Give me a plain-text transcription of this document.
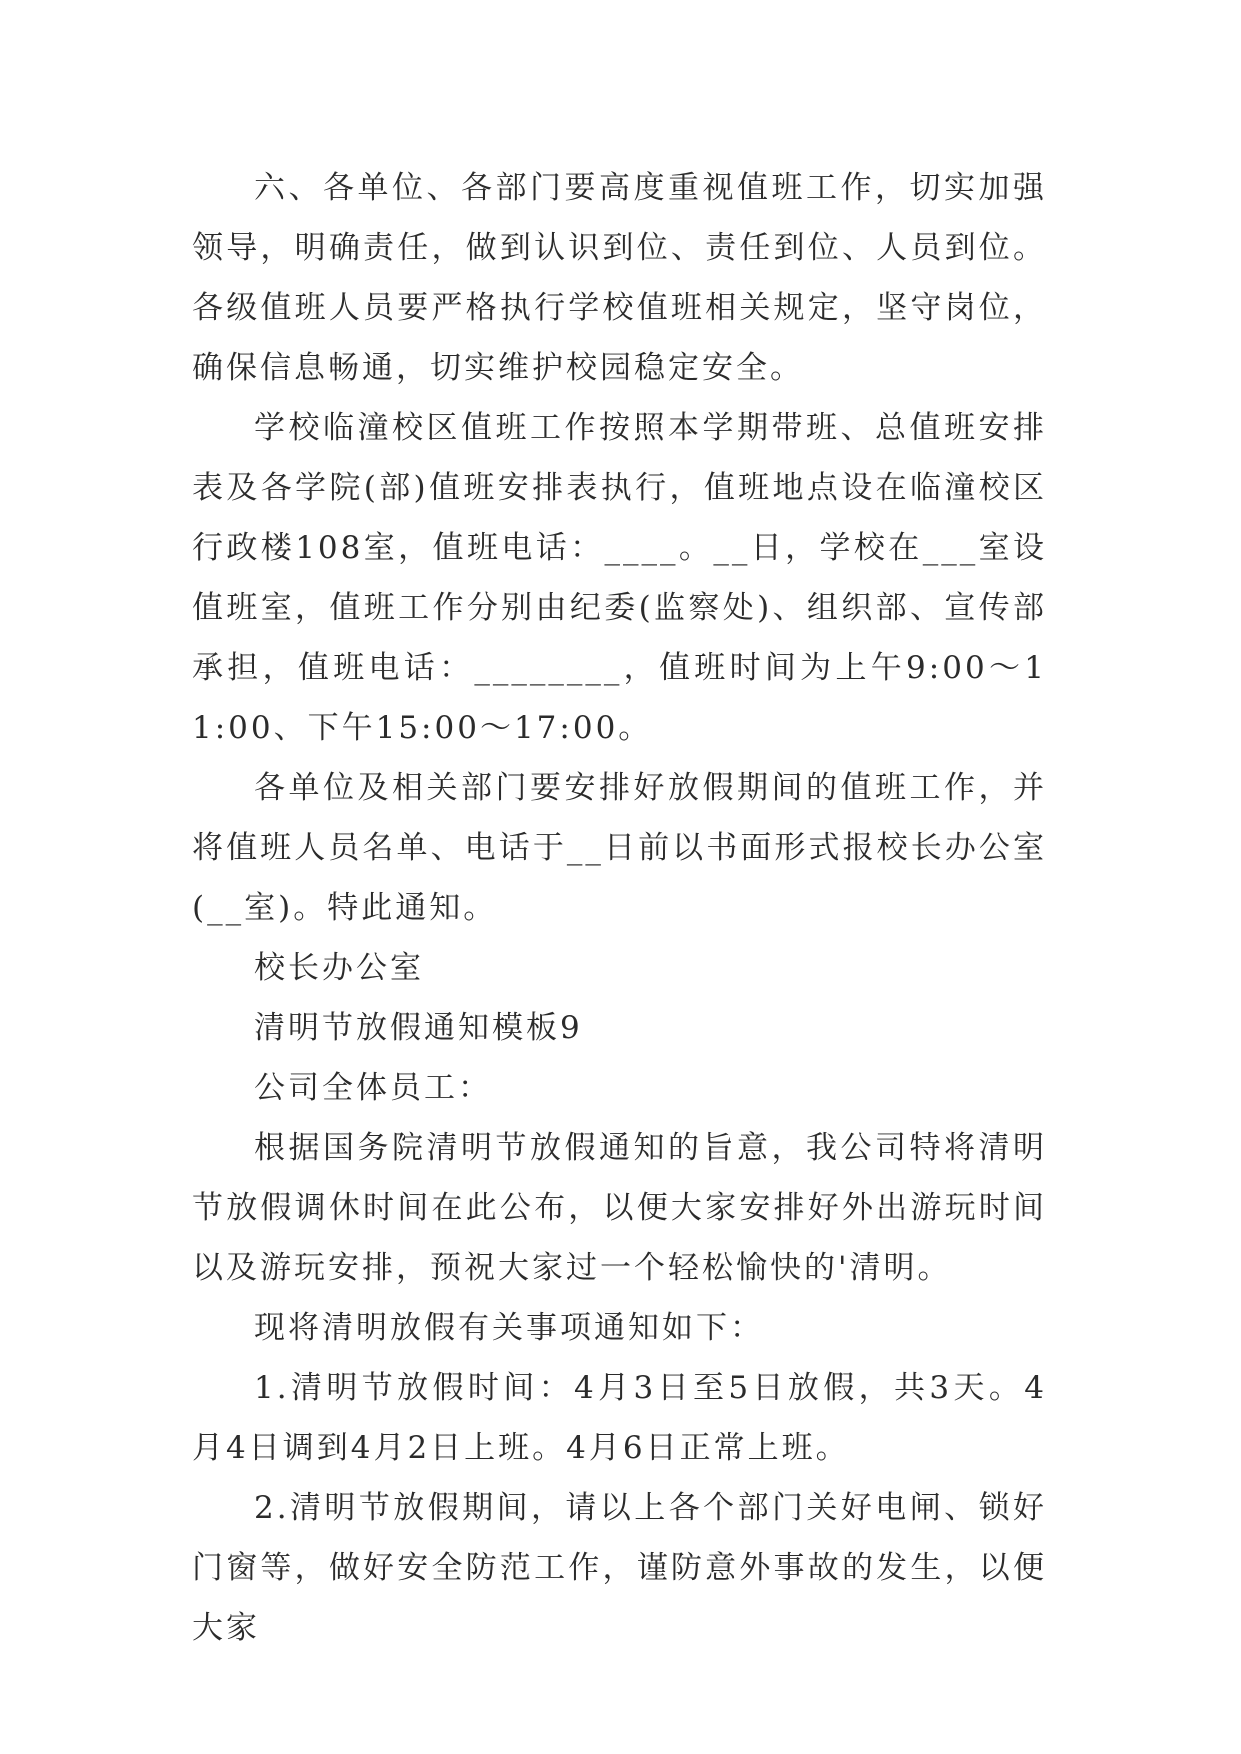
六、各单位、各部门要高度重视值班工作，切实加强领导，明确责任，做到认识到位、责任到位、人员到位。各级值班人员要严格执行学校值班相关规定，坚守岗位，确保信息畅通，切实维护校园稳定安全。

学校临潼校区值班工作按照本学期带班、总值班安排表及各学院(部)值班安排表执行，值班地点设在临潼校区行政楼108室，值班电话：____。__日，学校在___室设值班室，值班工作分别由纪委(监察处)、组织部、宣传部承担，值班电话：________，值班时间为上午9:00～11:00、下午15:00～17:00。

各单位及相关部门要安排好放假期间的值班工作，并将值班人员名单、电话于__日前以书面形式报校长办公室(__室)。特此通知。

校长办公室

清明节放假通知模板9

公司全体员工：

根据国务院清明节放假通知的旨意，我公司特将清明节放假调休时间在此公布，以便大家安排好外出游玩时间以及游玩安排，预祝大家过一个轻松愉快的'清明。

现将清明放假有关事项通知如下：

1.清明节放假时间：4月3日至5日放假，共3天。4月4日调到4月2日上班。4月6日正常上班。

2.清明节放假期间，请以上各个部门关好电闸、锁好门窗等，做好安全防范工作，谨防意外事故的发生，以便大家
